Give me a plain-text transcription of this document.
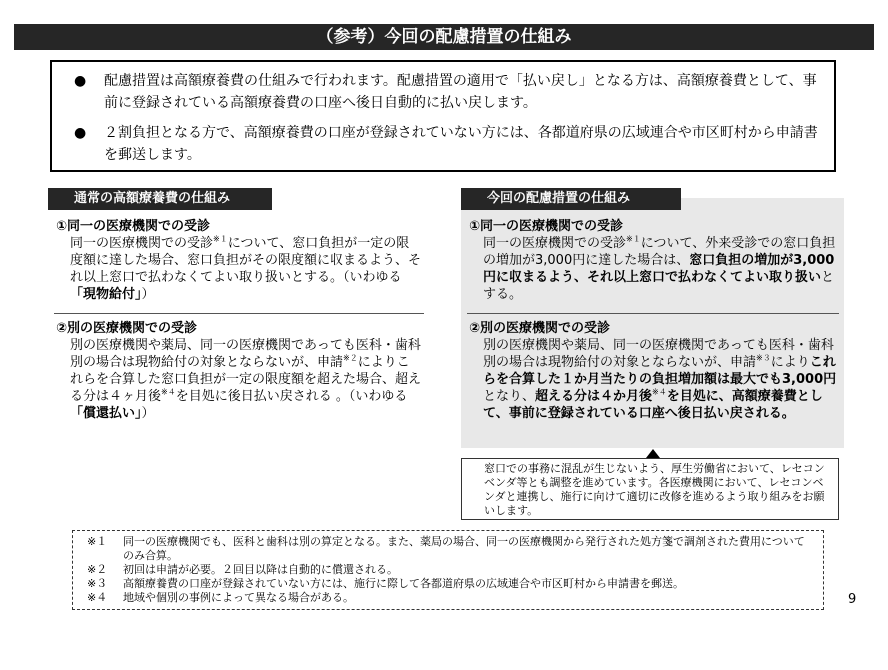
（参考）今回の配慮措置の仕組み
● 配慮措置は高額療養費の仕組みで行われます。配慮措置の適用で「払い戻し」となる方は、高額療養費として、事前に登録されている高額療養費の口座へ後日自動的に払い戻します。
● ２割負担となる方で、高額療養費の口座が登録されていない方には、各都道府県の広域連合や市区町村から申請書を郵送します。
通常の高額療養費の仕組み
①同一の医療機関での受診

同一の医療機関での受診$^{※1}$について、窓口負担が一定の限度額に達した場合、窓口負担がその限度額に収まるよう、それ以上窓口で払わなくてよい取り扱いとする。（いわゆる「現物給付」）

②別の医療機関での受診

別の医療機関や薬局、同一の医療機関であっても医科・歯科別の場合は現物給付の対象とならないが、申請$^{※2}$によりこれらを合算した窓口負担が一定の限度額を超えた場合、超える分は４ヶ月後$^{※4}$を目処に後日払い戻される 。（いわゆる「償還払い」）

今回の配慮措置の仕組み
①同一の医療機関での受診

同一の医療機関での受診$^{※1}$について、外来受診での窓口負担の増加が3,000円に達した場合は、窓口負担の増加が3,000円に収まるよう、それ以上窓口で払わなくてよい取り扱いとする。

②別の医療機関での受診

別の医療機関や薬局、同一の医療機関であっても医科・歯科別の場合は現物給付の対象とならないが、申請$^{※3}$によりこれらを合算した１か月当たりの負担増加額は最大でも3,000円となり、超える分は４か月後$^{※4}$を目処に、高額療養費として、事前に登録されている口座へ後日払い戻される。

窓口での事務に混乱が生じないよう、厚生労働省において、レセコンベンダ等とも調整を進めています。各医療機関において、レセコンベンダと連携し、施行に向けて適切に改修を進めるよう取り組みをお願いします。
※１ 同一の医療機関でも、医科と歯科は別の算定となる。また、薬局の場合、同一の医療機関から発行された処方箋で調剤された費用についてのみ合算。
※２ 初回は申請が必要。２回目以降は自動的に償還される。
※３ 高額療養費の口座が登録されていない方には、施行に際して各都道府県の広域連合や市区町村から申請書を郵送。
※４ 地域や個別の事例によって異なる場合がある。	9
